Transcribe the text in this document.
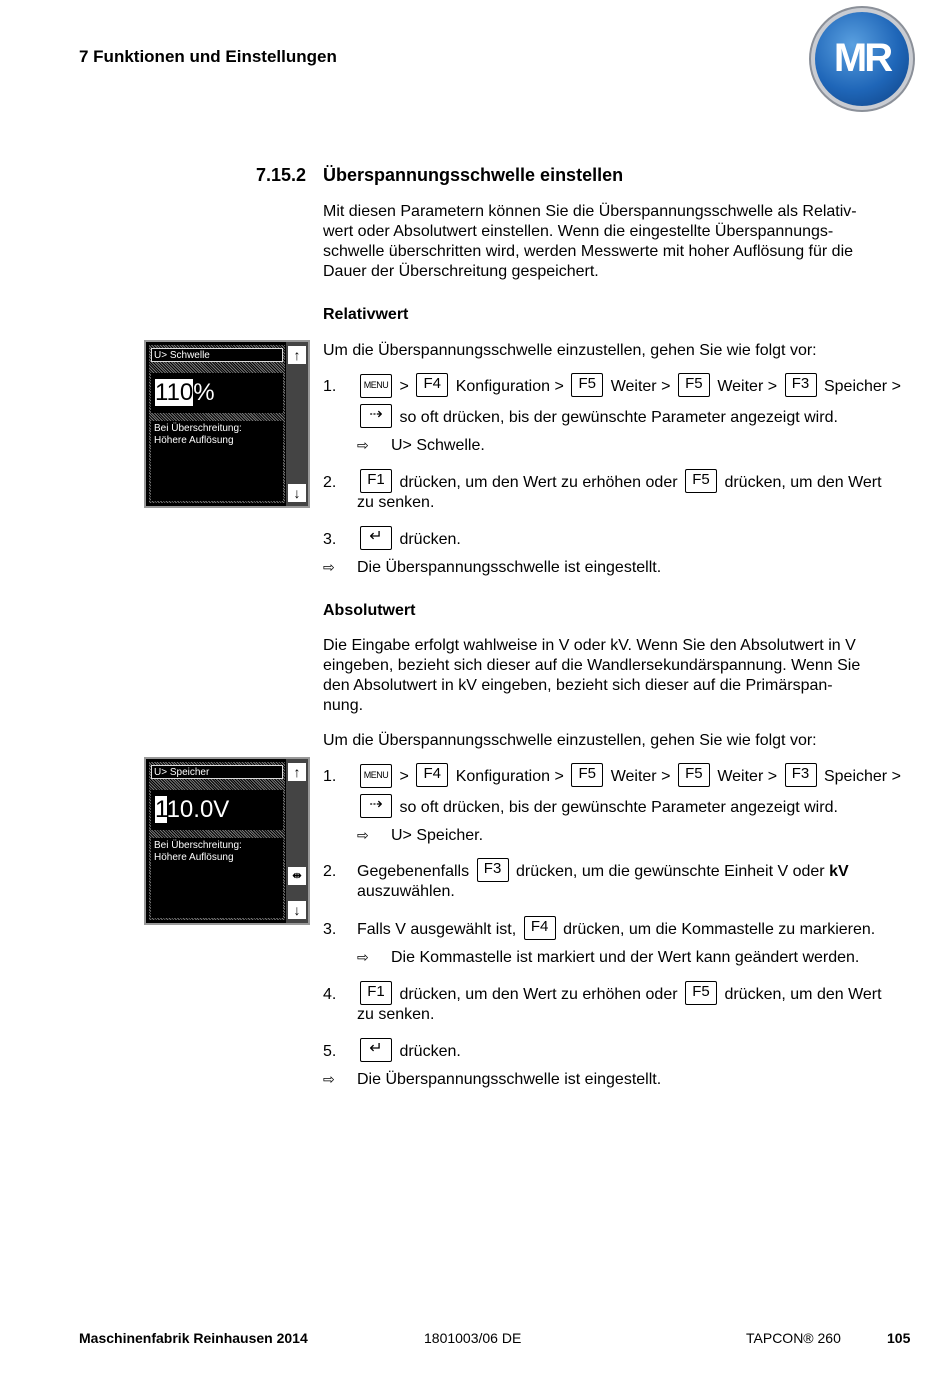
7 Funktionen und Einstellungen	MR
7.15.2 Überspannungsschwelle einstellen
Mit diesen Parametern können Sie die Überspannungsschwelle als Relativ-
wert oder Absolutwert einstellen. Wenn die eingestellte Überspannungs-
schwelle überschritten wird, werden Messwerte mit hoher Auflösung für die
Dauer der Überschreitung gespeichert.
Relativwert
Um die Überspannungsschwelle einzustellen, gehen Sie wie folgt vor:
1.	MENU > F4 Konfiguration > F5 Weiter > F5 Weiter > F3 Speicher >
⇢ so oft drücken, bis der gewünschte Parameter angezeigt wird.
⇨ U> Schwelle.
2.	F1 drücken, um den Wert zu erhöhen oder F5 drücken, um den Wert
zu senken.
3.	↵ drücken.
⇨ Die Überspannungsschwelle ist eingestellt.
U> Schwelle
110%
Bei Überschreitung:
Höhere Auflösung
↑
↓
Absolutwert
Die Eingabe erfolgt wahlweise in V oder kV. Wenn Sie den Absolutwert in V
eingeben, bezieht sich dieser auf die Wandlersekundärspannung. Wenn Sie
den Absolutwert in kV eingeben, bezieht sich dieser auf die Primärspan-
nung.
Um die Überspannungsschwelle einzustellen, gehen Sie wie folgt vor:
1.	MENU > F4 Konfiguration > F5 Weiter > F5 Weiter > F3 Speicher >
⇢ so oft drücken, bis der gewünschte Parameter angezeigt wird.
⇨ U> Speicher.
2. Gegebenenfalls F3 drücken, um die gewünschte Einheit V oder kV
auszuwählen.
3. Falls V ausgewählt ist, F4 drücken, um die Kommastelle zu markieren.
⇨ Die Kommastelle ist markiert und der Wert kann geändert werden.
4.	F1 drücken, um den Wert zu erhöhen oder F5 drücken, um den Wert
zu senken.
5.	↵ drücken.
⇨ Die Überspannungsschwelle ist eingestellt.
U> Speicher
110.0V
Bei Überschreitung:
Höhere Auflösung
↑
⇹
↓
Maschinenfabrik Reinhausen 2014	1801003/06 DE	TAPCON® 260	105
